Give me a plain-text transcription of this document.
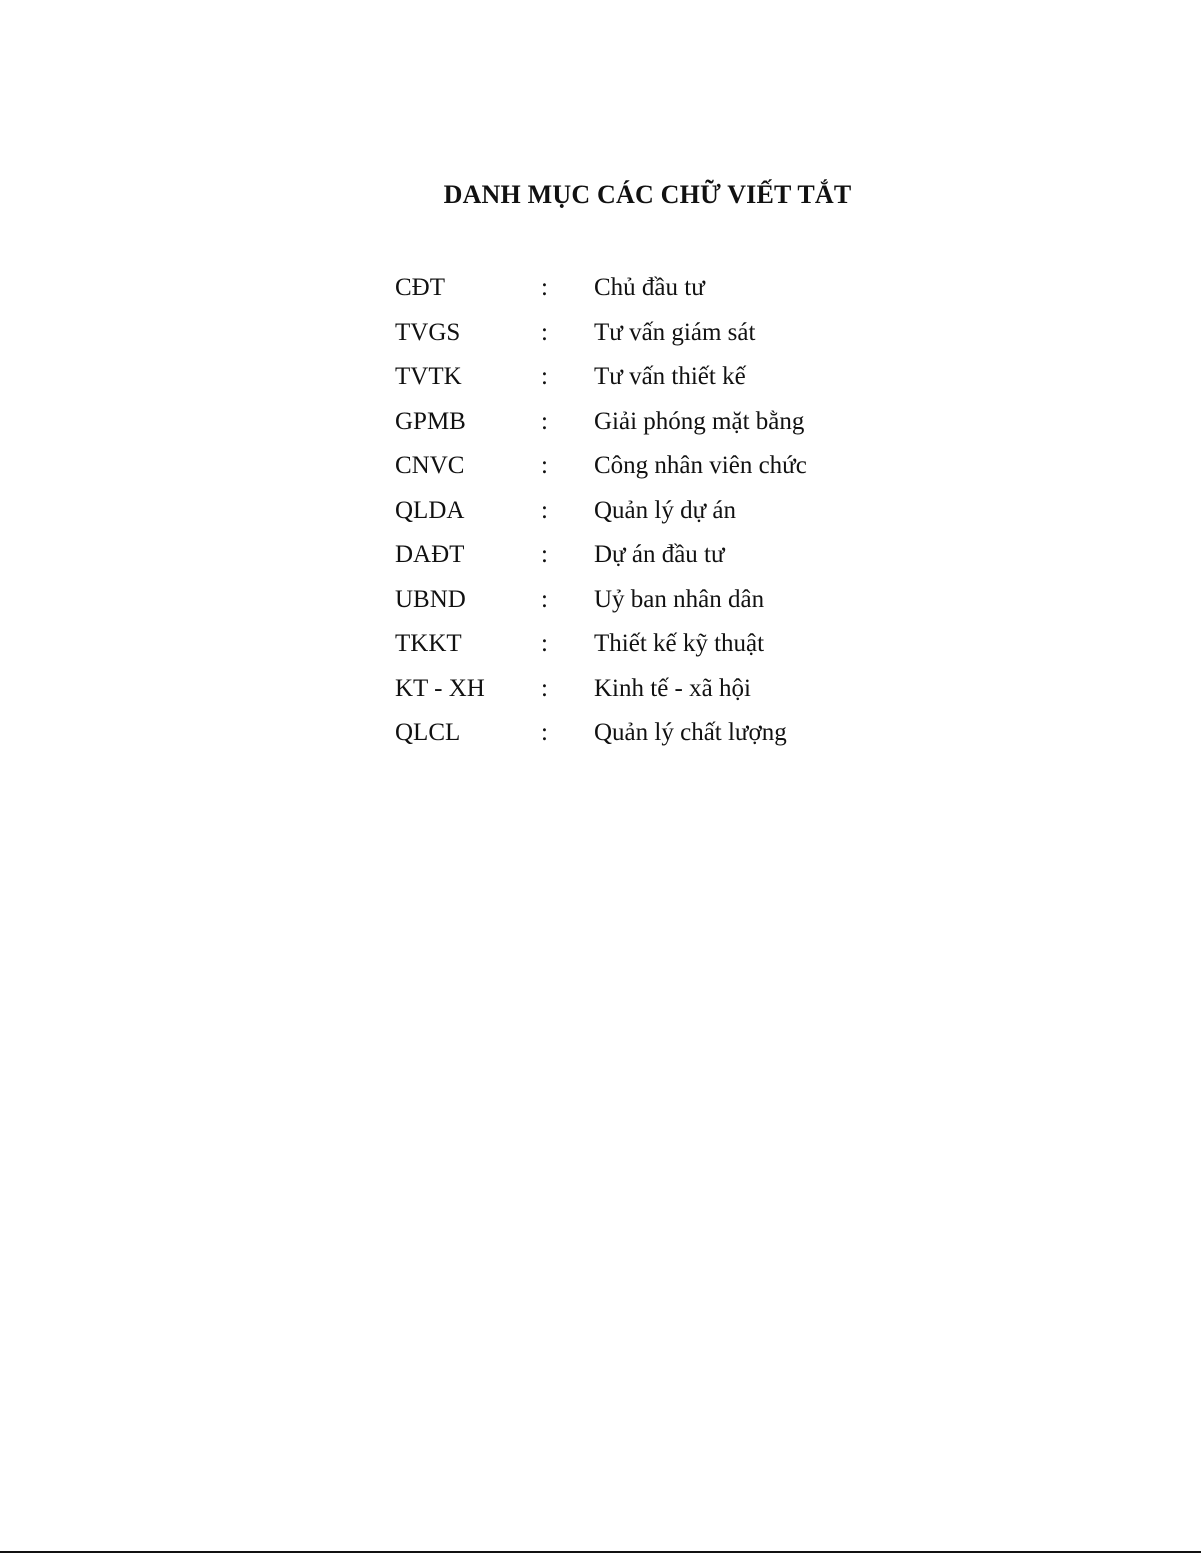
DANH MỤC CÁC CHỮ VIẾT TẮT
CĐT	: Chủ đầu tư
TVGS	: Tư vấn giám sát
TVTK	: Tư vấn thiết kế
GPMB	: Giải phóng mặt bằng
CNVC	: Công nhân viên chức
QLDA	: Quản lý dự án
DAĐT	: Dự án đầu tư
UBND	: Uỷ ban nhân dân
TKKT	: Thiết kế kỹ thuật
KT - XH : Kinh tế - xã hội
QLCL	: Quản lý chất lượng
